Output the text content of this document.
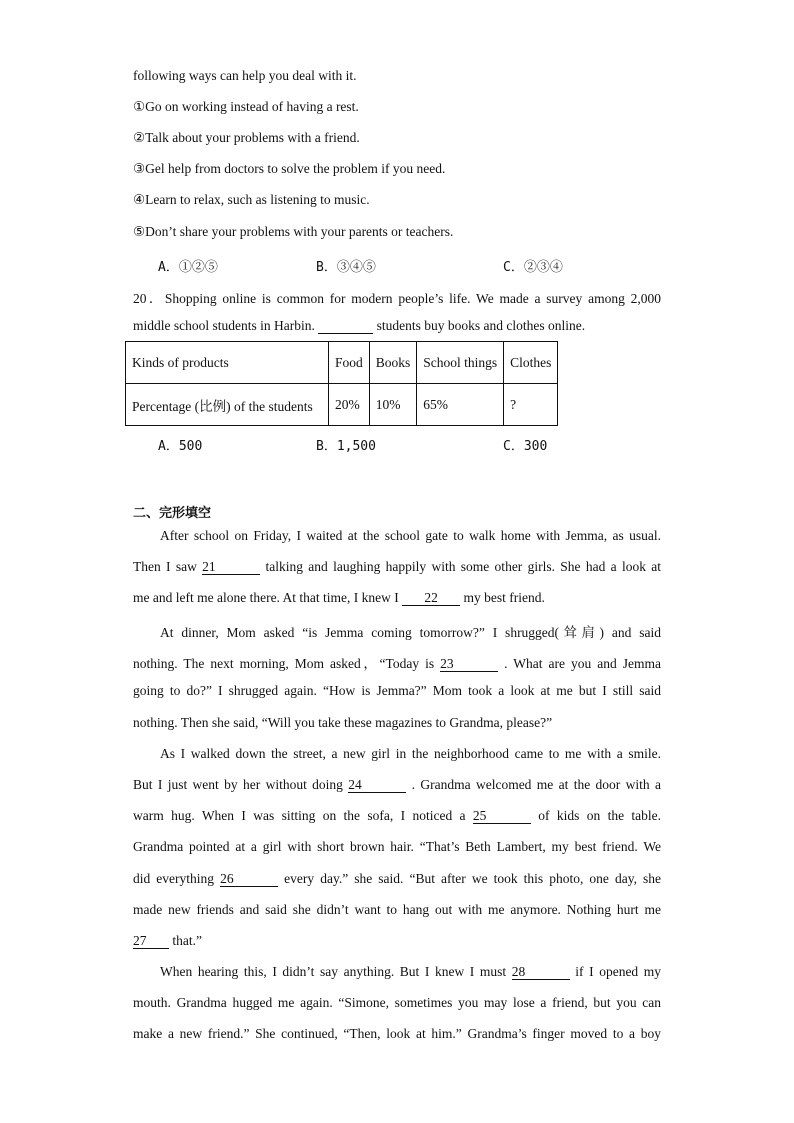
following ways can help you deal with it.
①Go on working instead of having a rest.
②Talk about your problems with a friend.
③Gel help from doctors to solve the problem if you need.
④Learn to relax, such as listening to music.
⑤Don’t share your problems with your parents or teachers.
A．①②⑤	B．③④⑤	C．②③④
20．Shopping online is common for modern people’s life. We made a survey among 2,000
middle school students in Harbin.	students buy books and clothes online.
Kinds of products	Food	Books	School things	Clothes
Percentage (比例) of the students	20%	10%	65%	?
A．500	B．1,500	C．300
二、完形填空
After school on Friday, I waited at the school gate to walk home with Jemma, as usual.
Then I saw 21	talking and laughing happily with some other girls. She had a look at
me and left me alone there. At that time, I knew I 22 my best friend.
At dinner, Mom asked “is Jemma coming tomorrow?” I shrugged(耸肩) and said
nothing. The next morning, Mom asked，“Today is 23	. What are you and Jemma
going to do?” I shrugged again. “How is Jemma?” Mom took a look at me but I still said
nothing. Then she said, “Will you take these magazines to Grandma, please?”
As I walked down the street, a new girl in the neighborhood came to me with a smile.
But I just went by her without doing 24	. Grandma welcomed me at the door with a
warm hug. When I was sitting on the sofa, I noticed a 25	of kids on the table.
Grandma pointed at a girl with short brown hair. “That’s Beth Lambert, my best friend. We
did everything 26	every day.” she said. “But after we took this photo, one day, she
made new friends and said she didn’t want to hang out with me anymore. Nothing hurt me
27 that.”
When hearing this, I didn’t say anything. But I knew I must 28	if I opened my
mouth. Grandma hugged me again. “Simone, sometimes you may lose a friend, but you can
make a new friend.” She continued, “Then, look at him.” Grandma’s finger moved to a boy
